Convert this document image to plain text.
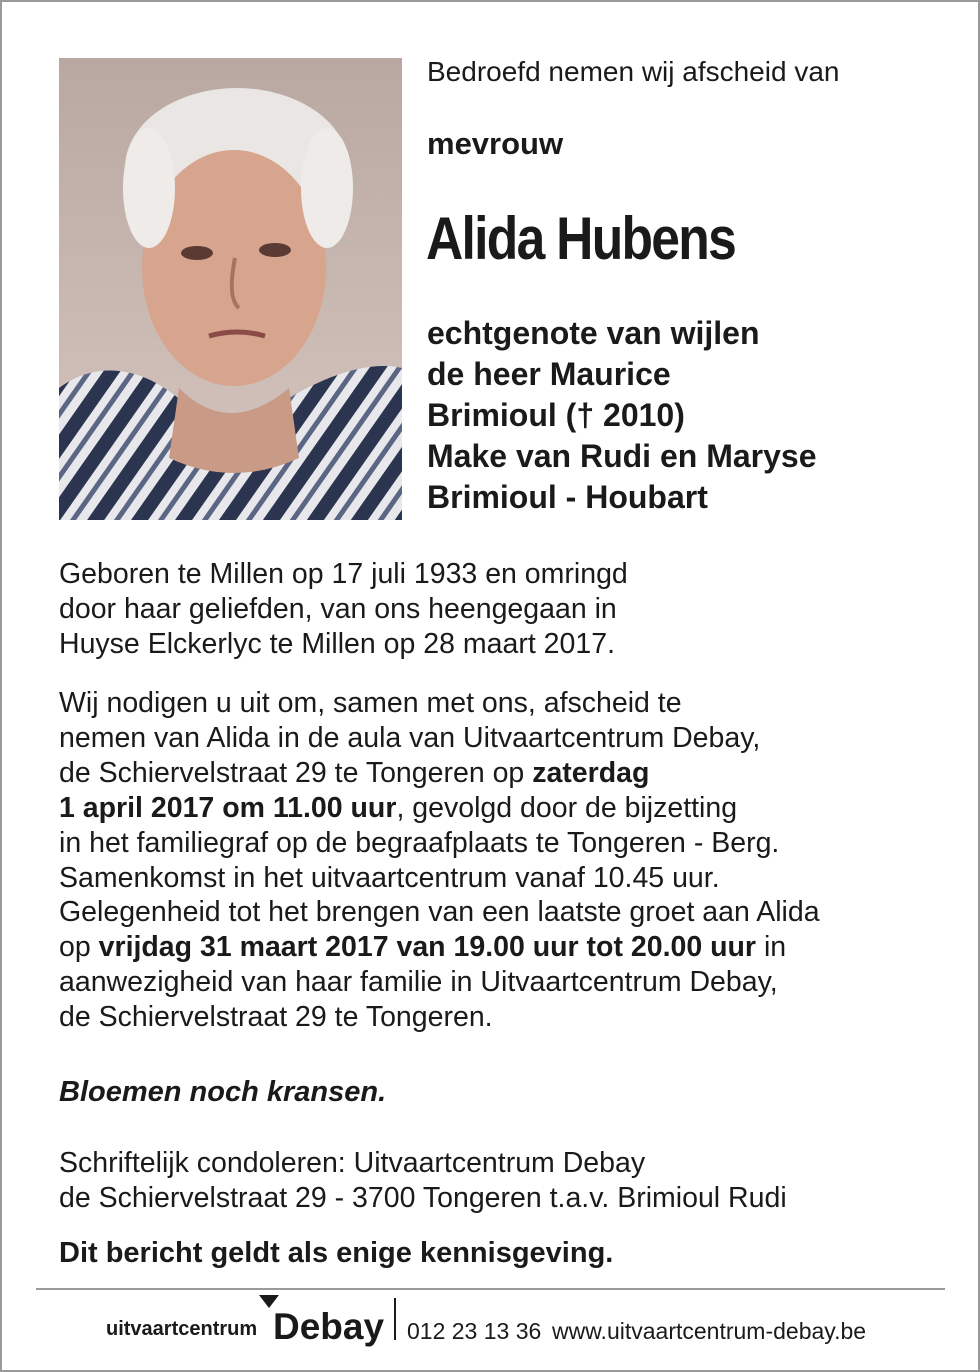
Bedroefd nemen wij afscheid van

mevrouw

Alida Hubens

echtgenote van wijlen
de heer Maurice
Brimioul († 2010)
Make van Rudi en Maryse
Brimioul - Houbart
Geboren te Millen op 17 juli 1933 en omringd
door haar geliefden, van ons heengegaan in
Huyse Elckerlyc te Millen op 28 maart 2017.
Wij nodigen u uit om, samen met ons, afscheid te
nemen van Alida in de aula van Uitvaartcentrum Debay,
de Schiervelstraat 29 te Tongeren op zaterdag
1 april 2017 om 11.00 uur, gevolgd door de bijzetting
in het familiegraf op de begraafplaats te Tongeren - Berg.
Samenkomst in het uitvaartcentrum vanaf 10.45 uur.
Gelegenheid tot het brengen van een laatste groet aan Alida
op vrijdag 31 maart 2017 van 19.00 uur tot 20.00 uur in
aanwezigheid van haar familie in Uitvaartcentrum Debay,
de Schiervelstraat 29 te Tongeren.

Bloemen noch kransen.

Schriftelijk condoleren: Uitvaartcentrum Debay
de Schiervelstraat 29 - 3700 Tongeren t.a.v. Brimioul Rudi

Dit bericht geldt als enige kennisgeving.

uitvaartcentrum Debay 012 23 13 36 www.uitvaartcentrum-debay.be
